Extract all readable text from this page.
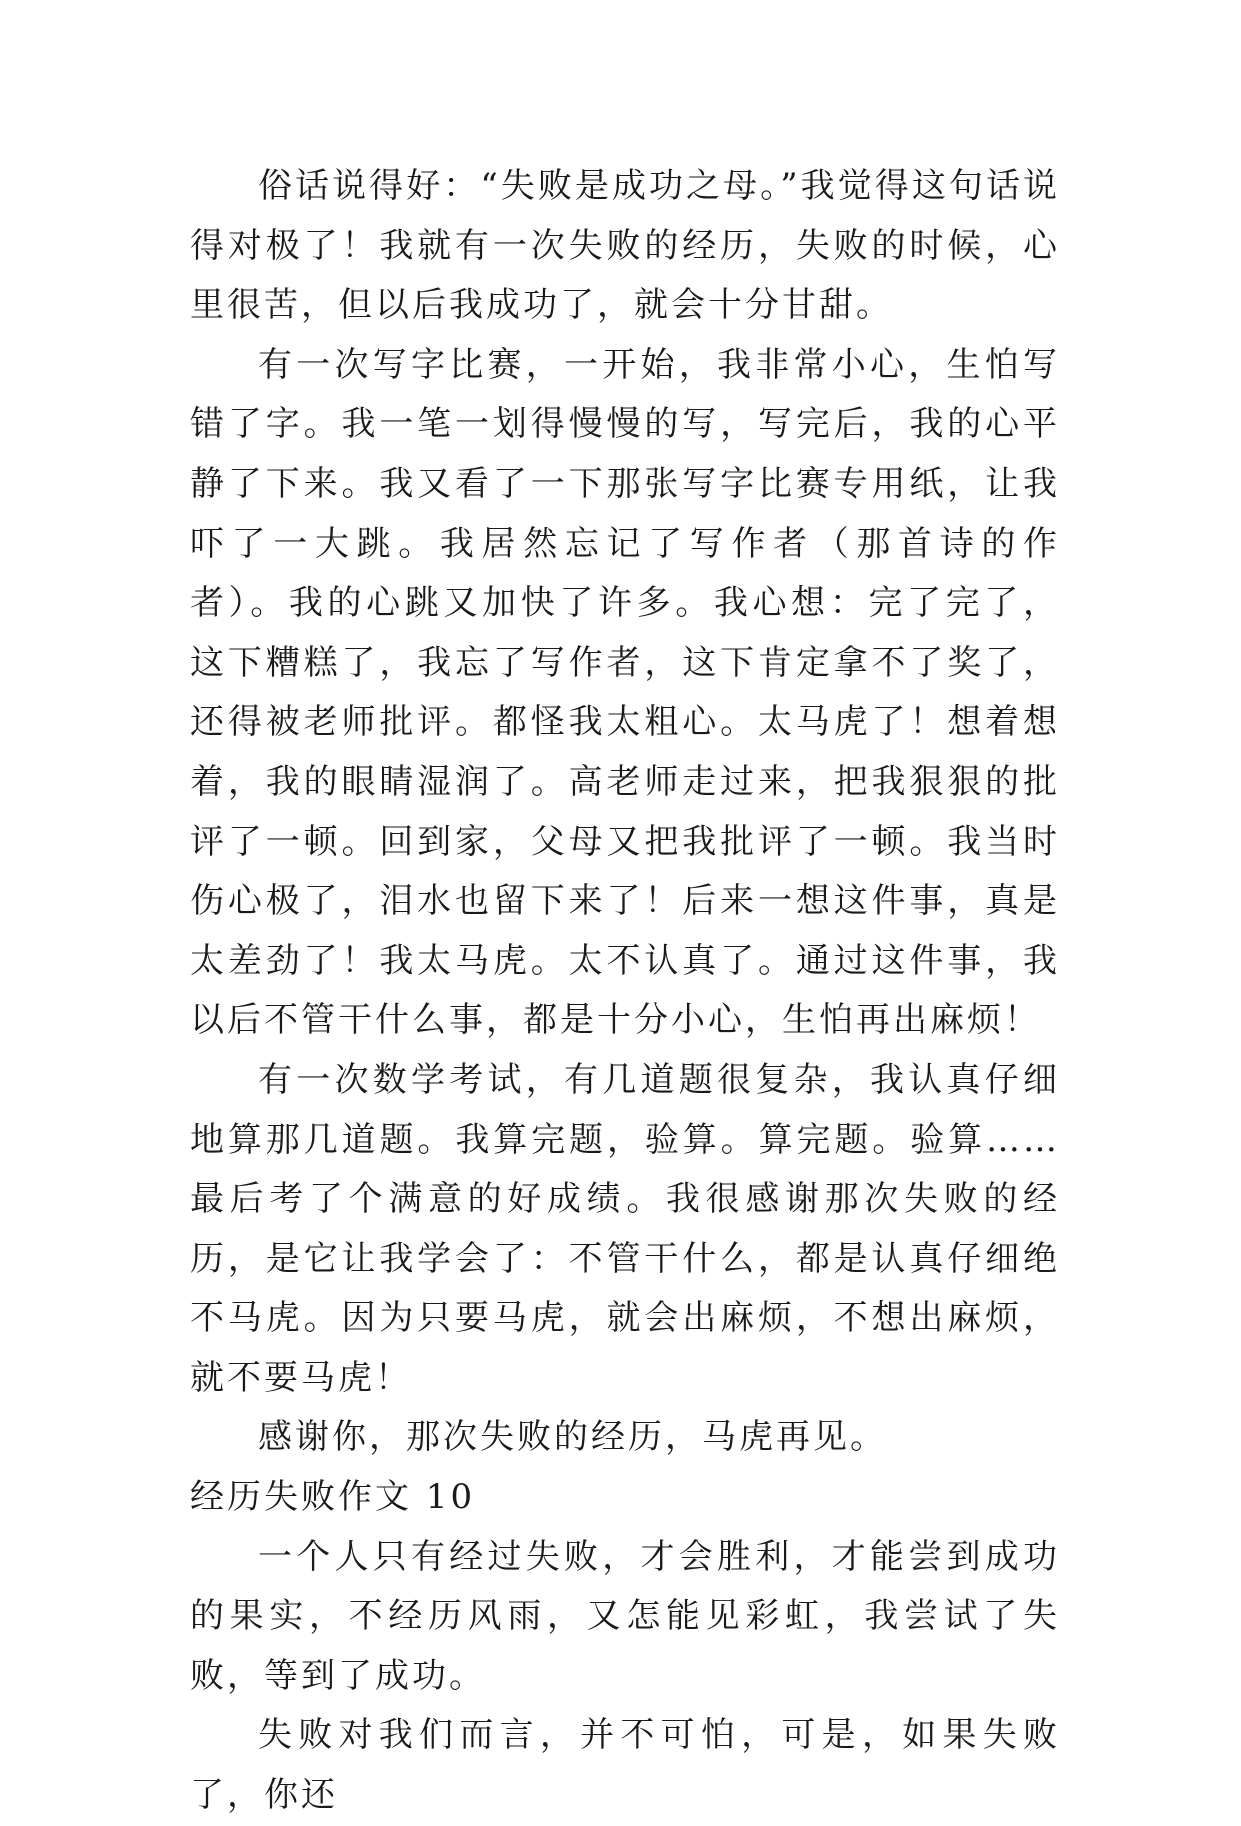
俗话说得好：“失败是成功之母。”我觉得这句话说得对极了！我就有一次失败的经历，失败的时候，心里很苦，但以后我成功了，就会十分甘甜。

有一次写字比赛，一开始，我非常小心，生怕写错了字。我一笔一划得慢慢的写，写完后，我的心平静了下来。我又看了一下那张写字比赛专用纸，让我吓了一大跳。我居然忘记了写作者（那首诗的作者）。我的心跳又加快了许多。我心想：完了完了，这下糟糕了，我忘了写作者，这下肯定拿不了奖了，还得被老师批评。都怪我太粗心。太马虎了！想着想着，我的眼睛湿润了。高老师走过来，把我狠狠的批评了一顿。回到家，父母又把我批评了一顿。我当时伤心极了，泪水也留下来了！后来一想这件事，真是太差劲了！我太马虎。太不认真了。通过这件事，我以后不管干什么事，都是十分小心，生怕再出麻烦！

有一次数学考试，有几道题很复杂，我认真仔细地算那几道题。我算完题，验算。算完题。验算……最后考了个满意的好成绩。我很感谢那次失败的经历，是它让我学会了：不管干什么，都是认真仔细绝不马虎。因为只要马虎，就会出麻烦，不想出麻烦，就不要马虎！

感谢你，那次失败的经历，马虎再见。

经历失败作文 10

一个人只有经过失败，才会胜利，才能尝到成功的果实，不经历风雨，又怎能见彩虹，我尝试了失败，等到了成功。

失败对我们而言，并不可怕，可是，如果失败了，你还
